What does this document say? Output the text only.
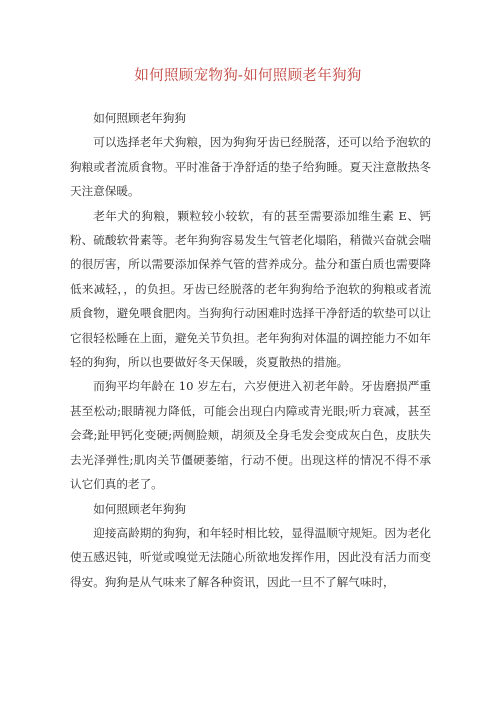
如何照顾宠物狗-如何照顾老年狗狗

如何照顾老年狗狗

可以选择老年犬狗粮，因为狗狗牙齿已经脱落，还可以给予泡软的狗粮或者流质食物。平时准备于净舒适的垫子给狗睡。夏天注意散热冬天注意保暖。

老年犬的狗粮，颗粒较小较软，有的甚至需要添加维生素 E、钙粉、硫酸软骨素等。老年狗狗容易发生气管老化塌陷，稍微兴奋就会喘的很厉害，所以需要添加保养气管的营养成分。盐分和蛋白质也需要降低来减轻，，的负担。牙齿已经脱落的老年狗狗给予泡软的狗粮或者流质食物，避免喂食肥肉。当狗狗行动困难时选择干净舒适的软垫可以让它很轻松睡在上面，避免关节负担。老年狗狗对体温的调控能力不如年轻的狗狗，所以也要做好冬天保暖，炎夏散热的措施。

而狗平均年龄在 10 岁左右，六岁便进入初老年龄。牙齿磨损严重甚至松动;眼睛视力降低，可能会出现白内障或青光眼;听力衰减，甚至会聋;趾甲钙化变硬;两侧脸颊，胡须及全身毛发会变成灰白色，皮肤失去光泽弹性;肌肉关节僵硬萎缩，行动不便。出现这样的情况不得不承认它们真的老了。

如何照顾老年狗狗

迎接高龄期的狗狗，和年轻时相比较，显得温顺守规矩。因为老化使五感迟钝，听觉或嗅觉无法随心所欲地发挥作用，因此没有活力而变得安。狗狗是从气味来了解各种资讯，因此一旦不了解气味时，
